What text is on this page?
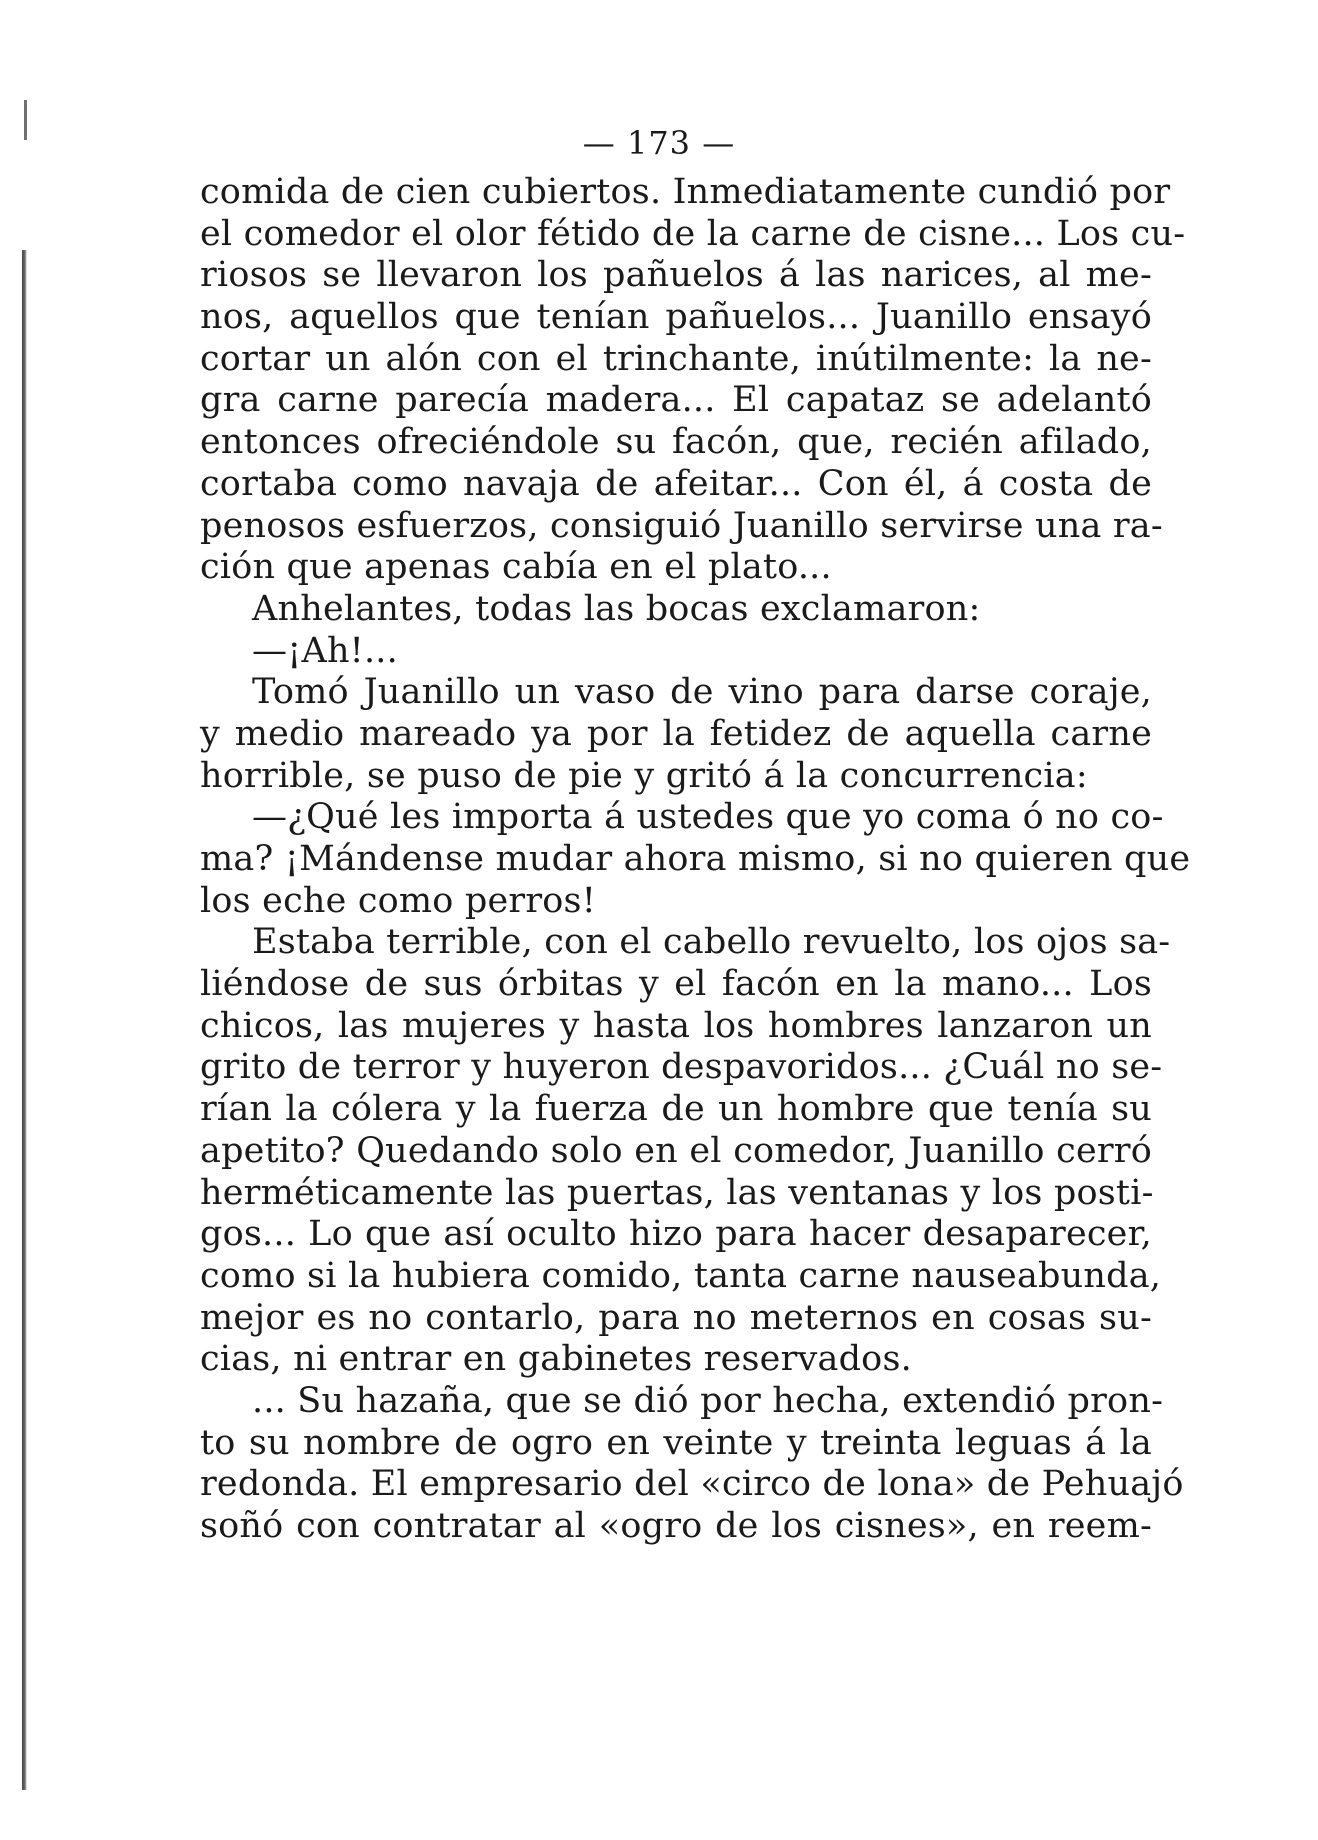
— 173 —
comida de cien cubiertos. Inmediatamente cundió por
el comedor el olor fétido de la carne de cisne... Los cu-
riosos se llevaron los pañuelos á las narices, al me-
nos, aquellos que tenían pañuelos... Juanillo ensayó
cortar un alón con el trinchante, inútilmente: la ne-
gra carne parecía madera... El capataz se adelantó
entonces ofreciéndole su facón, que, recién afilado,
cortaba como navaja de afeitar... Con él, á costa de
penosos esfuerzos, consiguió Juanillo servirse una ra-
ción que apenas cabía en el plato...
Anhelantes, todas las bocas exclamaron:
—¡Ah!...
Tomó Juanillo un vaso de vino para darse coraje,
y medio mareado ya por la fetidez de aquella carne
horrible, se puso de pie y gritó á la concurrencia:
—¿Qué les importa á ustedes que yo coma ó no co-
ma? ¡Mándense mudar ahora mismo, si no quieren que
los eche como perros!
Estaba terrible, con el cabello revuelto, los ojos sa-
liéndose de sus órbitas y el facón en la mano... Los
chicos, las mujeres y hasta los hombres lanzaron un
grito de terror y huyeron despavoridos... ¿Cuál no se-
rían la cólera y la fuerza de un hombre que tenía su
apetito? Quedando solo en el comedor, Juanillo cerró
herméticamente las puertas, las ventanas y los posti-
gos... Lo que así oculto hizo para hacer desaparecer,
como si la hubiera comido, tanta carne nauseabunda,
mejor es no contarlo, para no meternos en cosas su-
cias, ni entrar en gabinetes reservados.
... Su hazaña, que se dió por hecha, extendió pron-
to su nombre de ogro en veinte y treinta leguas á la
redonda. El empresario del «circo de lona» de Pehuajó
soñó con contratar al «ogro de los cisnes», en reem-
